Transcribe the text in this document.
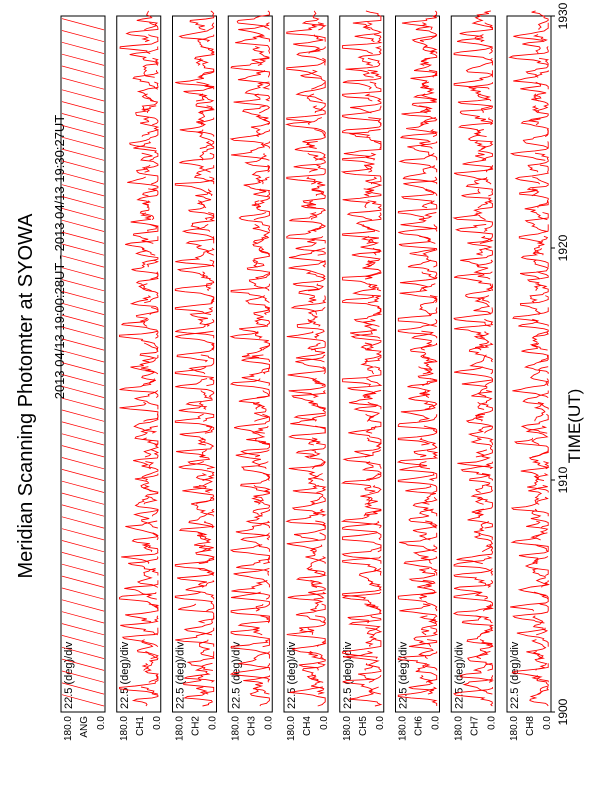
Meridian Scanning Photomter at SYOWA 2013 04/13 19:00:28UT - 2013 04/13 19:30:27UT
TIME(UT)
0.0
180.0 ANG
22.5 (deg)/div
0.0
180.0 CH1
22.5 (deg)/div
0.0
180.0 CH2
22.5 (deg)/div
0.0
180.0 CH3
22.5 (deg)/div
0.0
180.0 CH4
22.5 (deg)/div
0.0
180.0 CH5
22.5 (deg)/div
0.0
180.0 CH6
22.5 (deg)/div
0.0
180.0 CH7
22.5 (deg)/div
0.0
180.0 CH8
22.5 (deg)/div
1900
1910
1920
1930
